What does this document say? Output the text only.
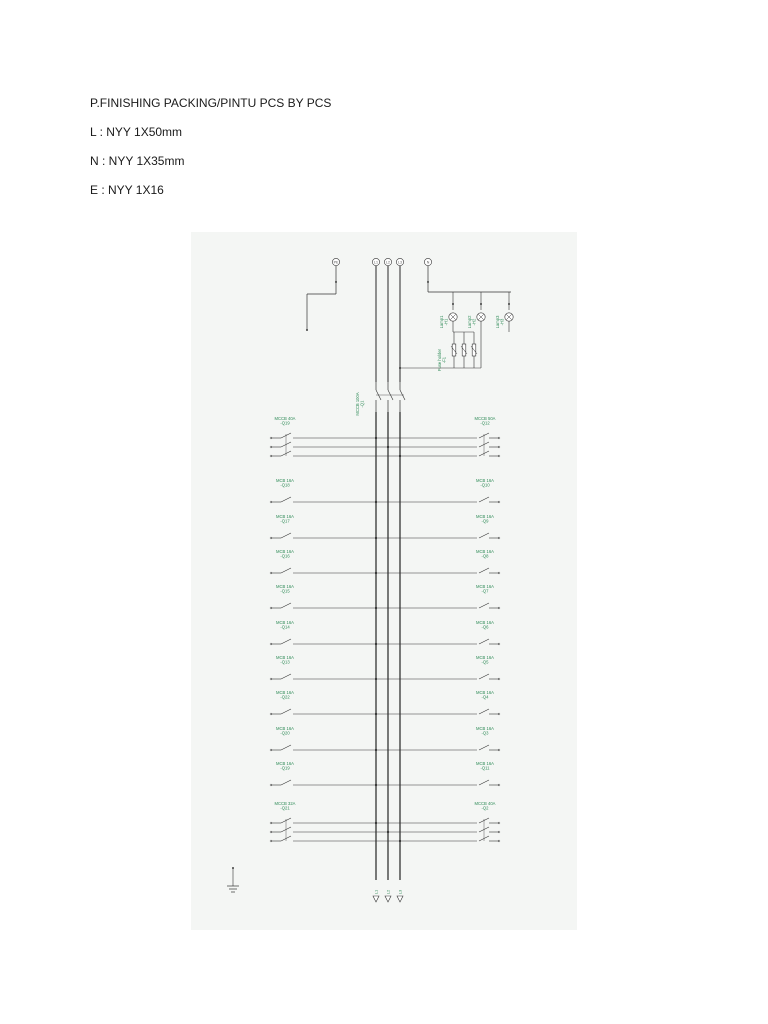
P.FINISHING PACKING/PINTU PCS BY PCS
L : NYY 1X50mm
N : NYY 1X35mm
E : NYY 1X16
PE	L1 L2 L3	N
Lamp1-H1	Lamp2-H2	Lamp3-H3
Fuse holder-F1
MCCB 100A-Q1
MCCB 40A -Q19
MCB 16A -Q18
MCB 16A -Q17
MCB 16A -Q16
MCB 16A -Q15
MCB 16A -Q14
MCB 16A -Q13
MCB 16A -Q22
MCB 16A -Q20
MCB 16A -Q19
MCCB 32A -Q21
MCCB 50A -Q12
MCB 16A -Q10
MCB 16A -Q9
MCB 16A -Q8
MCB 16A -Q7
MCB 16A -Q6
MCB 16A -Q5
MCB 16A -Q4
MCB 16A -Q3
MCB 16A -Q11
MCCB 40A -Q2
L1 L2 L3
